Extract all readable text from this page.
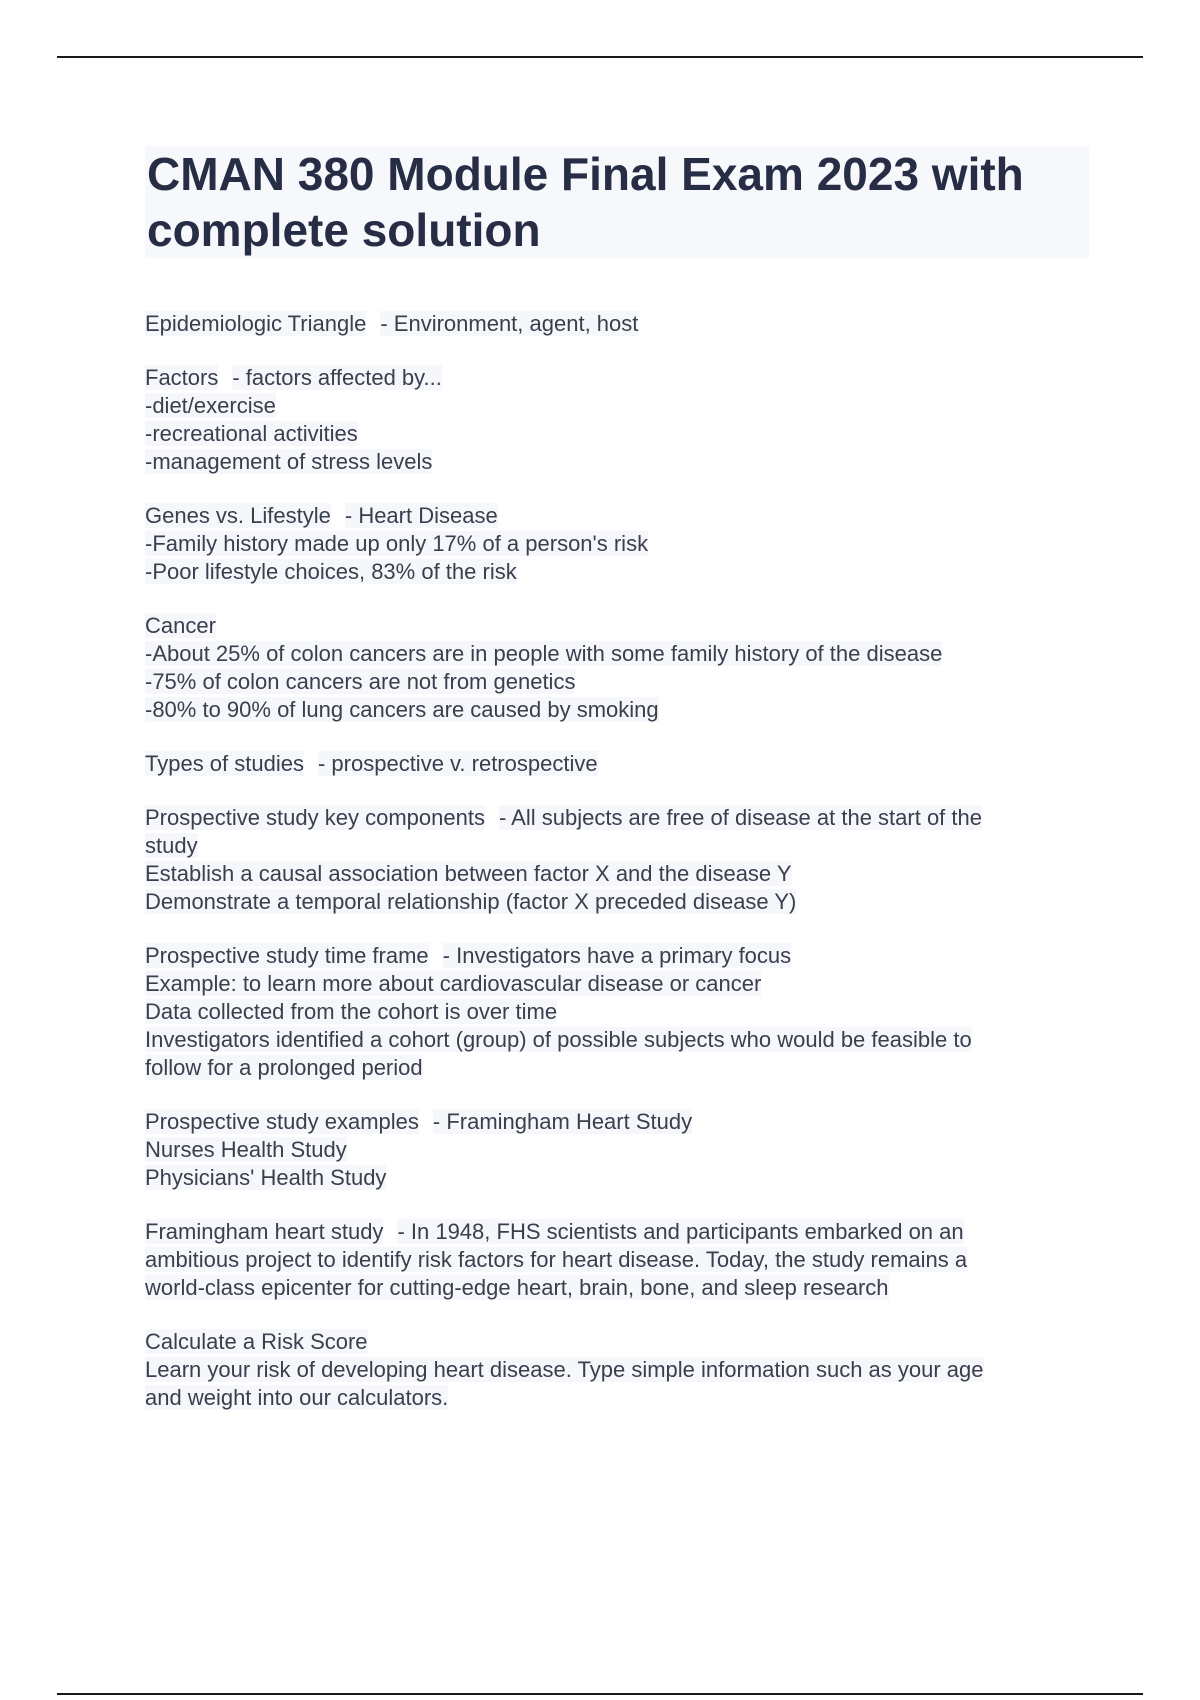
CMAN 380 Module Final Exam 2023 with complete solution
Epidemiologic Triangle - Environment, agent, host
Factors - factors affected by...
-diet/exercise
-recreational activities
-management of stress levels
Genes vs. Lifestyle - Heart Disease
-Family history made up only 17% of a person's risk
-Poor lifestyle choices, 83% of the risk
Cancer
-About 25% of colon cancers are in people with some family history of the disease
-75% of colon cancers are not from genetics
-80% to 90% of lung cancers are caused by smoking
Types of studies - prospective v. retrospective
Prospective study key components - All subjects are free of disease at the start of the
study
Establish a causal association between factor X and the disease Y
Demonstrate a temporal relationship (factor X preceded disease Y)
Prospective study time frame - Investigators have a primary focus
Example: to learn more about cardiovascular disease or cancer
Data collected from the cohort is over time
Investigators identified a cohort (group) of possible subjects who would be feasible to
follow for a prolonged period
Prospective study examples - Framingham Heart Study
Nurses Health Study
Physicians' Health Study
Framingham heart study - In 1948, FHS scientists and participants embarked on an
ambitious project to identify risk factors for heart disease. Today, the study remains a
world-class epicenter for cutting-edge heart, brain, bone, and sleep research
Calculate a Risk Score
Learn your risk of developing heart disease. Type simple information such as your age
and weight into our calculators.
